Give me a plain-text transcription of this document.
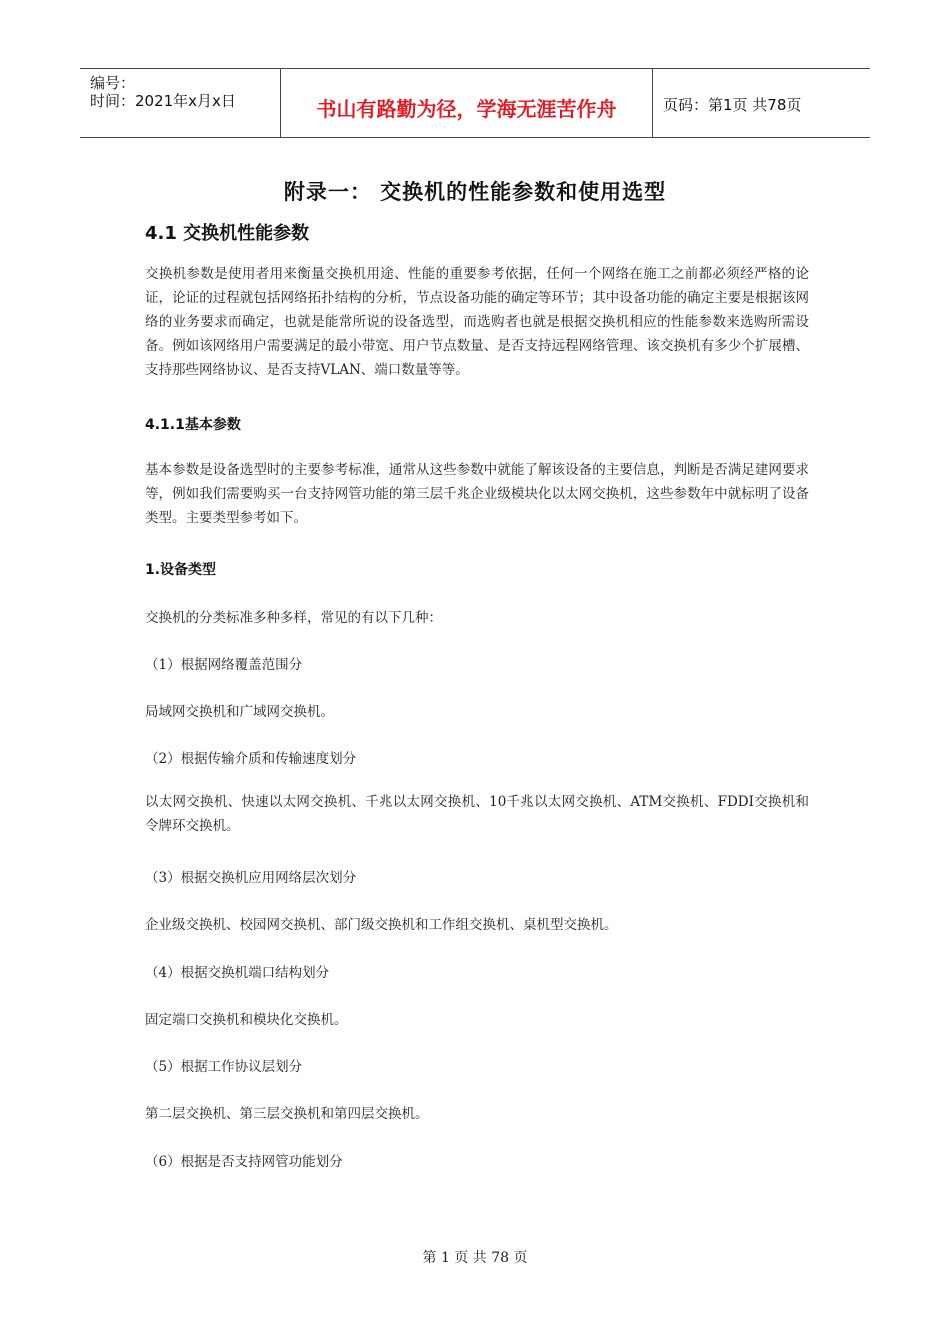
编号：
时间：2021年x月x日	书山有路勤为径，学海无涯苦作舟	页码：第1页 共78页
附录一： 交换机的性能参数和使用选型
4.1 交换机性能参数
交换机参数是使用者用来衡量交换机用途、性能的重要参考依据，任何一个网络在施工之前都必须经严格的论证，论证的过程就包括网络拓扑结构的分析，节点设备功能的确定等环节；其中设备功能的确定主要是根据该网络的业务要求而确定，也就是能常所说的设备选型，而选购者也就是根据交换机相应的性能参数来选购所需设备。例如该网络用户需要满足的最小带宽、用户节点数量、是否支持远程网络管理、该交换机有多少个扩展槽、支持那些网络协议、是否支持VLAN、端口数量等等。
4.1.1基本参数
基本参数是设备选型时的主要参考标准，通常从这些参数中就能了解该设备的主要信息，判断是否满足建网要求等，例如我们需要购买一台支持网管功能的第三层千兆企业级模块化以太网交换机，这些参数年中就标明了设备类型。主要类型参考如下。
1.设备类型
交换机的分类标准多种多样，常见的有以下几种：
（1）根据网络覆盖范围分
局域网交换机和广域网交换机。
（2）根据传输介质和传输速度划分
以太网交换机、快速以太网交换机、千兆以太网交换机、10千兆以太网交换机、ATM交换机、FDDI交换机和令牌环交换机。
（3）根据交换机应用网络层次划分
企业级交换机、校园网交换机、部门级交换机和工作组交换机、桌机型交换机。
（4）根据交换机端口结构划分
固定端口交换机和模块化交换机。
（5）根据工作协议层划分
第二层交换机、第三层交换机和第四层交换机。
（6）根据是否支持网管功能划分
第 1 页 共 78 页
